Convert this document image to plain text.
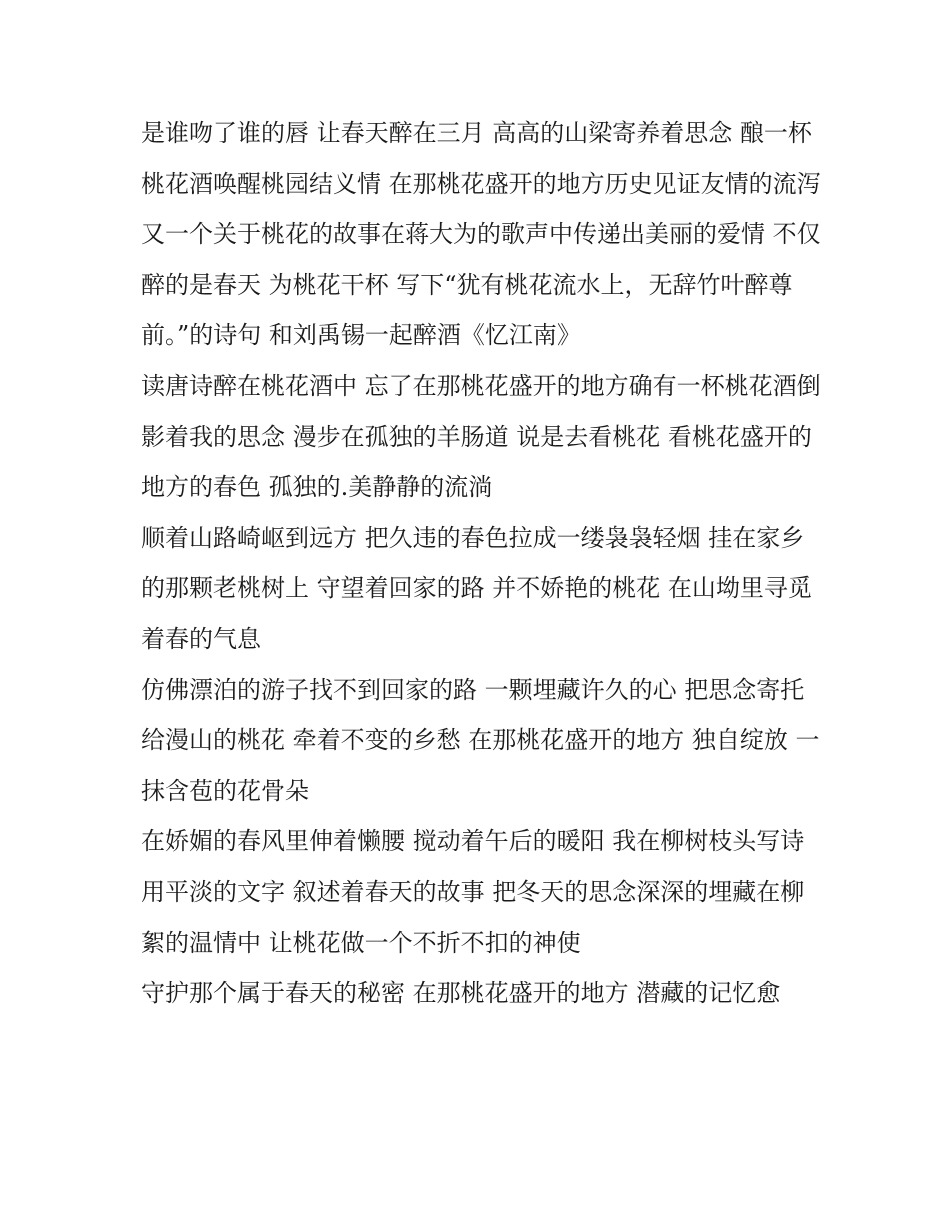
是谁吻了谁的唇 让春天醉在三月 高高的山梁寄养着思念 酿一杯桃花酒唤醒桃园结义情 在那桃花盛开的地方历史见证友情的流泻

又一个关于桃花的故事在蒋大为的歌声中传递出美丽的爱情 不仅醉的是春天 为桃花干杯 写下“犹有桃花流水上，无辞竹叶醉尊前。”的诗句 和刘禹锡一起醉酒《忆江南》

读唐诗醉在桃花酒中 忘了在那桃花盛开的地方确有一杯桃花酒倒影着我的思念 漫步在孤独的羊肠道 说是去看桃花 看桃花盛开的地方的春色 孤独的.美静静的流淌

顺着山路崎岖到远方 把久违的春色拉成一缕袅袅轻烟 挂在家乡的那颗老桃树上 守望着回家的路 并不娇艳的桃花 在山坳里寻觅着春的气息

仿佛漂泊的游子找不到回家的路 一颗埋藏许久的心 把思念寄托给漫山的桃花 牵着不变的乡愁 在那桃花盛开的地方 独自绽放 一抹含苞的花骨朵

在娇媚的春风里伸着懒腰 搅动着午后的暖阳 我在柳树枝头写诗 用平淡的文字 叙述着春天的故事 把冬天的思念深深的埋藏在柳絮的温情中 让桃花做一个不折不扣的神使

守护那个属于春天的秘密 在那桃花盛开的地方 潜藏的记忆愈
